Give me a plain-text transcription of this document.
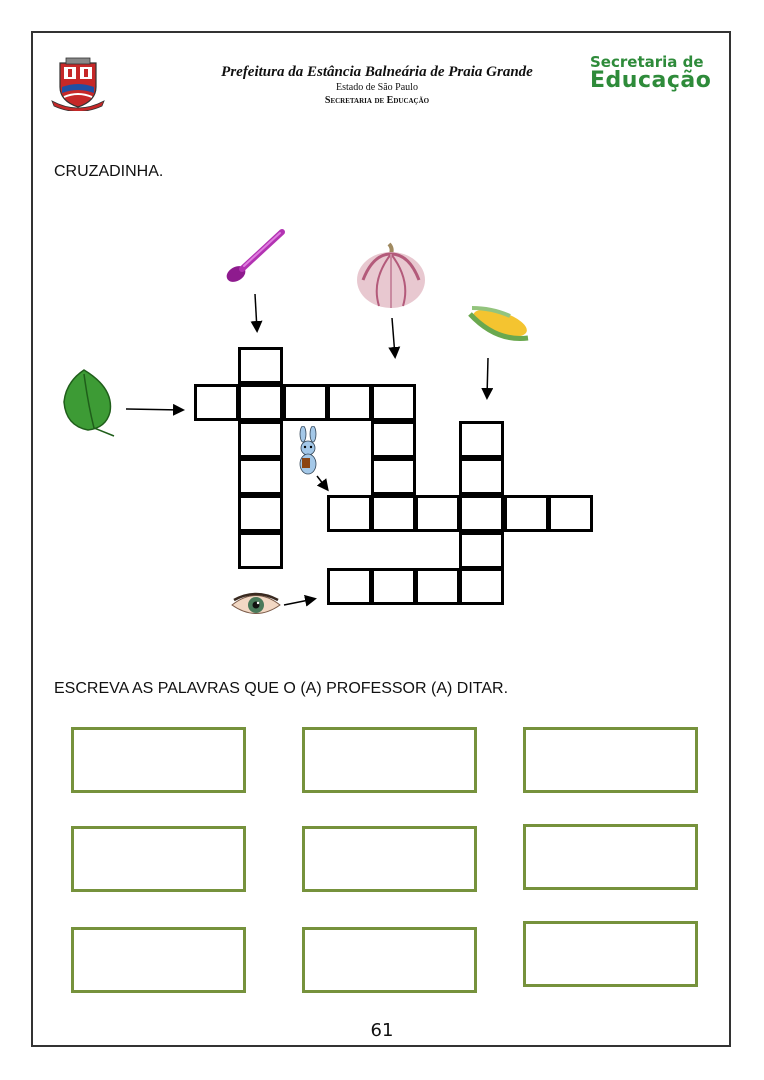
Prefeitura da Estância Balneária de Praia Grande
Estado de São Paulo
Secretaria de Educação
Secretaria de
Educação
CRUZADINHA.
ESCREVA AS PALAVRAS QUE O (A) PROFESSOR (A) DITAR.
61
